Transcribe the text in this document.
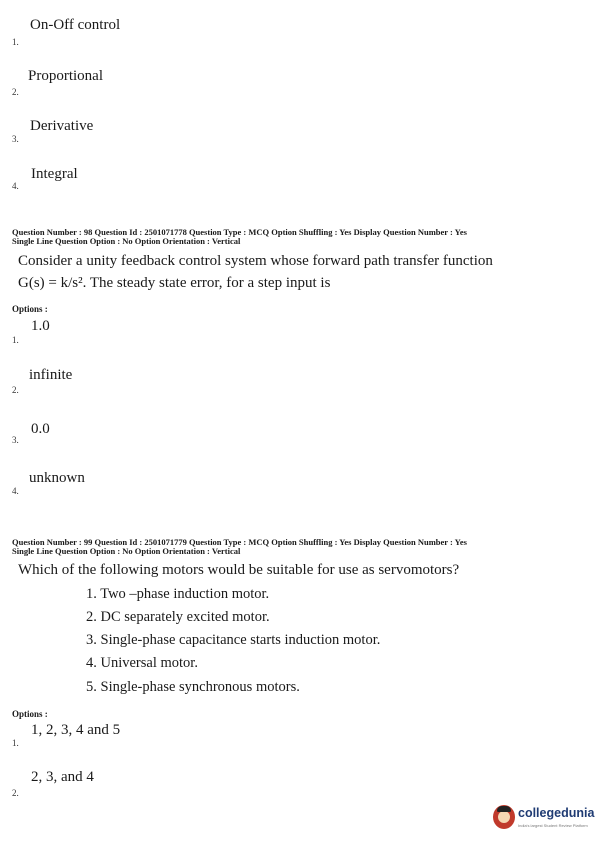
1.
On-Off control
2.
Proportional
3.
Derivative
4.
Integral
Question Number : 98 Question Id : 2501071778 Question Type : MCQ Option Shuffling : Yes Display Question Number : Yes
Single Line Question Option : No Option Orientation : Vertical
Consider a unity feedback control system whose forward path transfer function
G(s) = k/s². The steady state error, for a step input is
Options :
1.
1.0
2.
infinite
3.
0.0
4.
unknown
Question Number : 99 Question Id : 2501071779 Question Type : MCQ Option Shuffling : Yes Display Question Number : Yes
Single Line Question Option : No Option Orientation : Vertical
Which of the following motors would be suitable for use as servomotors?
1. Two –phase induction motor.
2. DC separately excited motor.
3. Single-phase capacitance starts induction motor.
4. Universal motor.
5. Single-phase synchronous motors.
Options :
1.
1, 2, 3, 4 and 5
2.
2, 3, and 4
collegedunia
India's largest Student Review Platform
